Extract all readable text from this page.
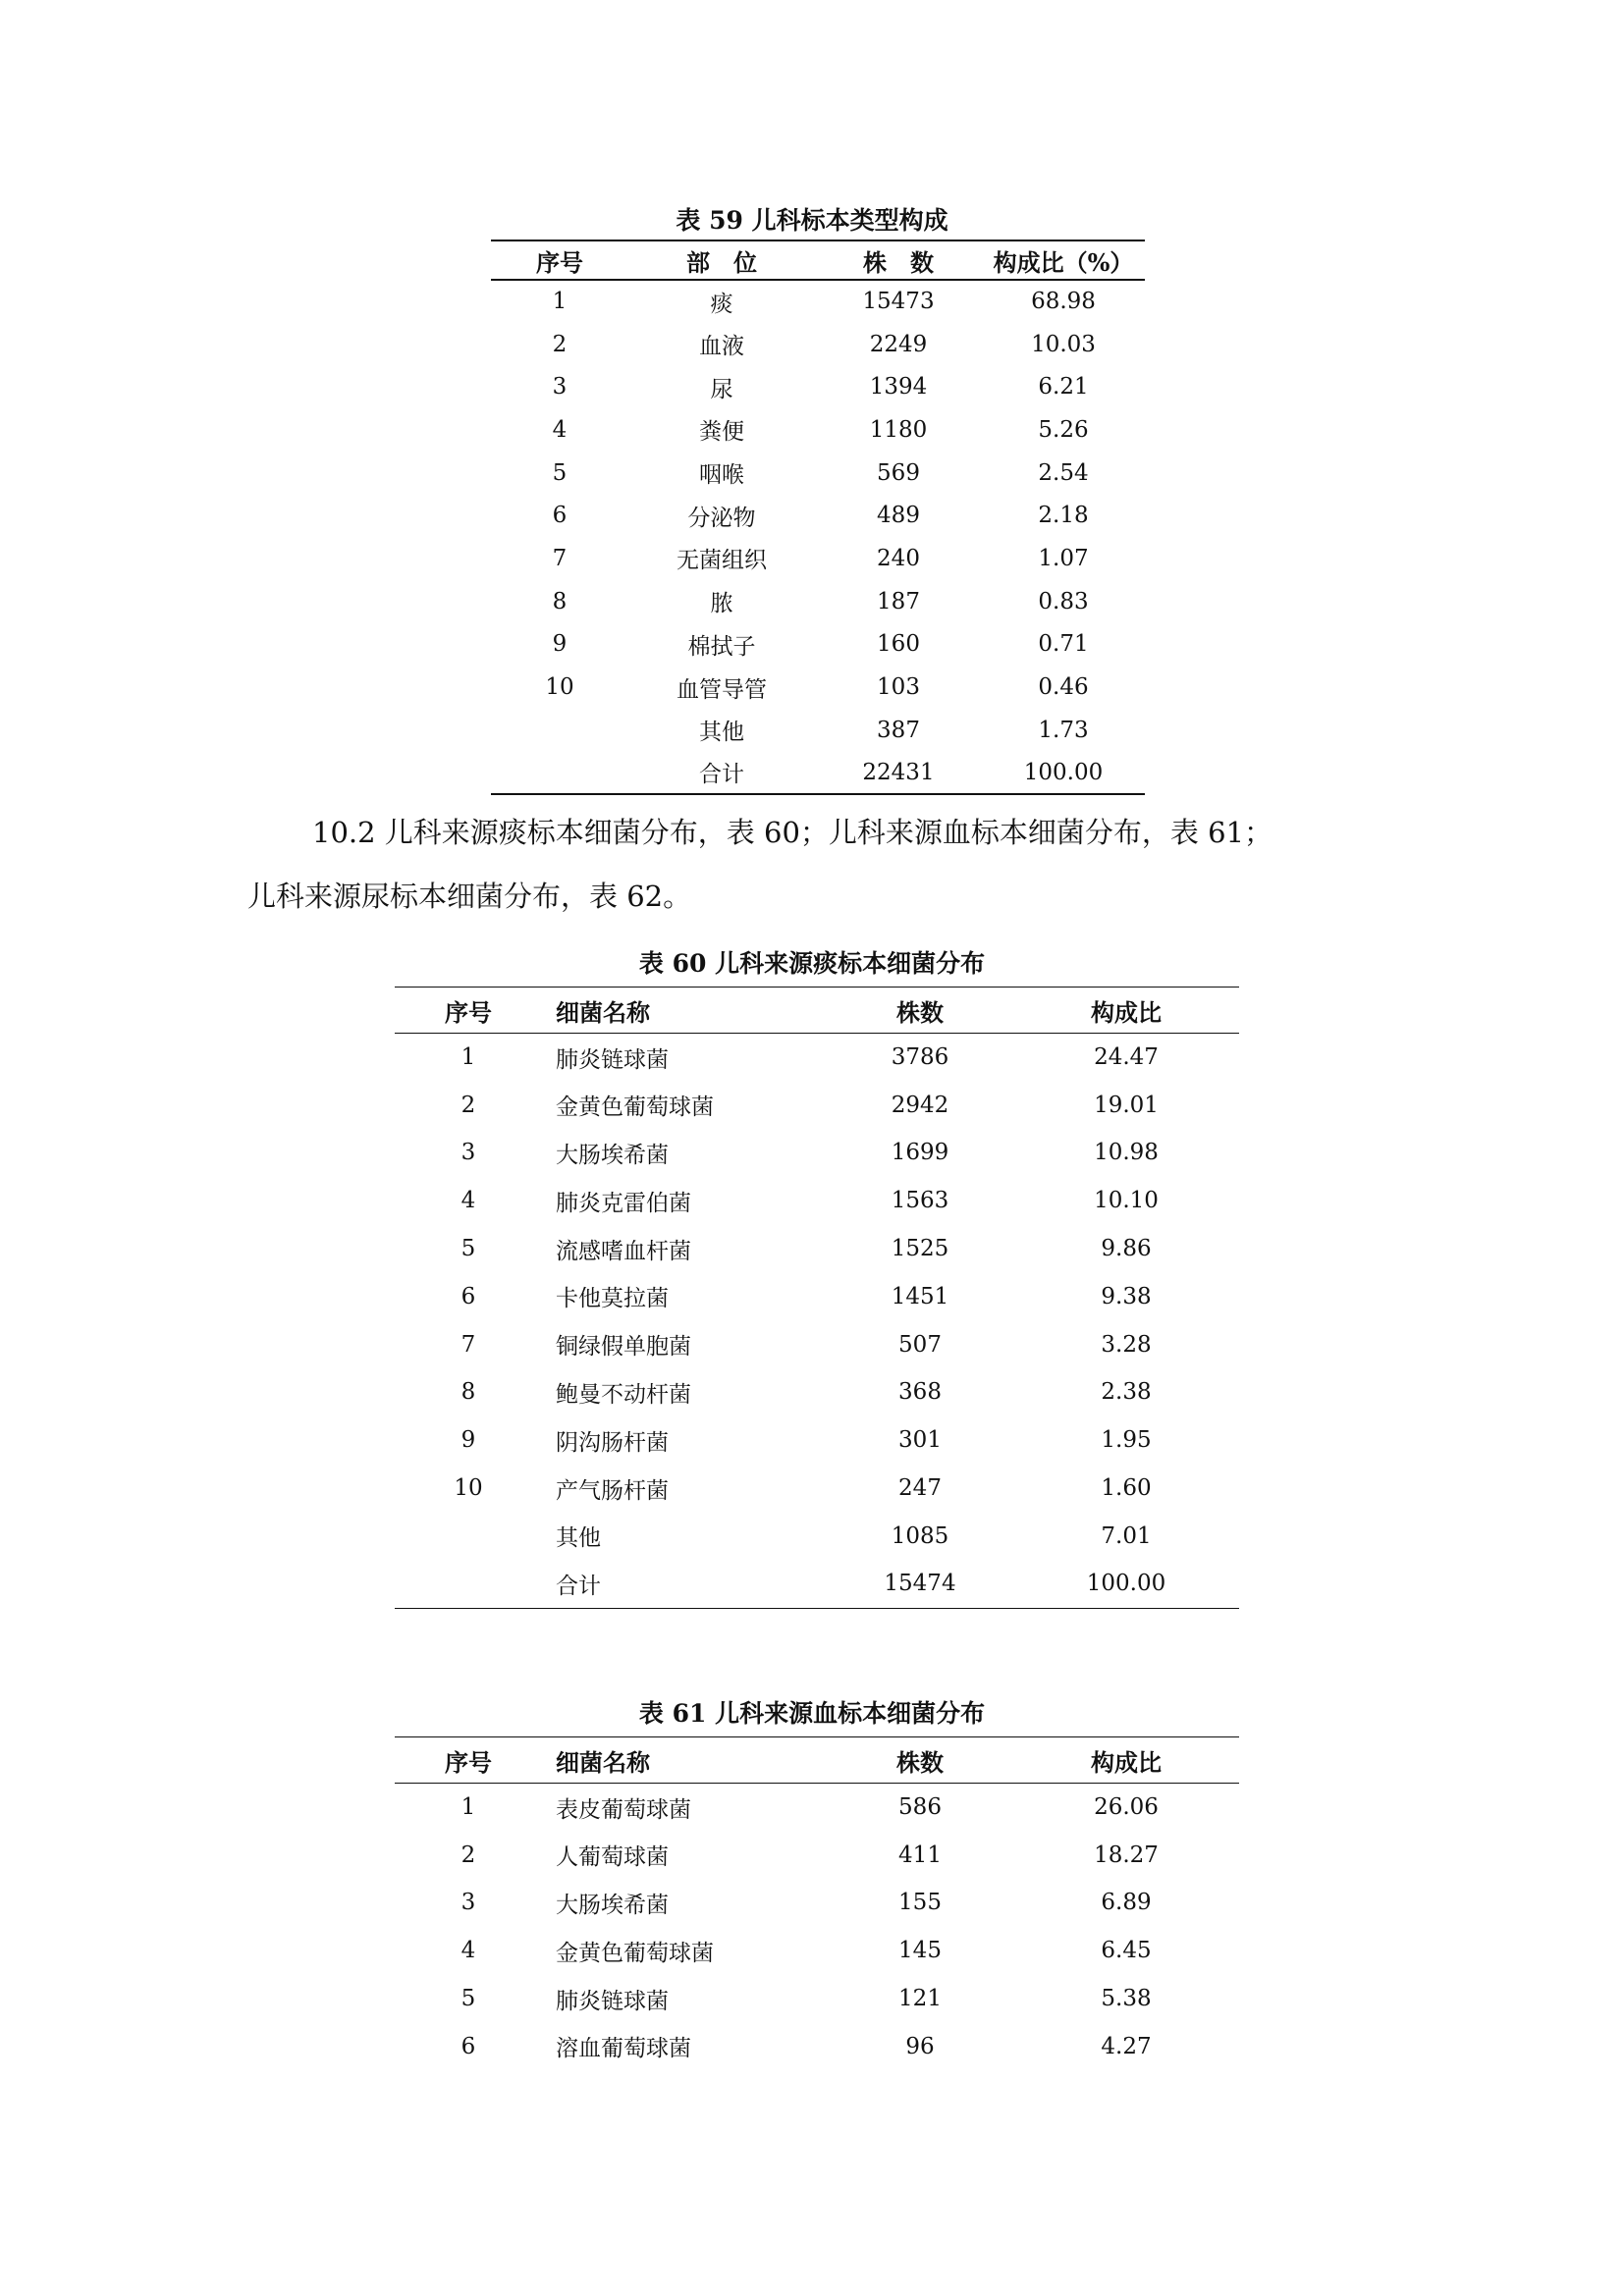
表 59 儿科标本类型构成
序号	部　位	株　数	构成比（%）
1	痰	15473	68.98
2	血液	2249	10.03
3	尿	1394	6.21
4	粪便	1180	5.26
5	咽喉	569	2.54
6	分泌物	489	2.18
7	无菌组织	240	1.07
8	脓	187	0.83
9	棉拭子	160	0.71
10	血管导管	103	0.46
	其他	387	1.73
	合计	22431	100.00
10.2 儿科来源痰标本细菌分布，表 60；儿科来源血标本细菌分布，表 61；
儿科来源尿标本细菌分布，表 62。
表 60 儿科来源痰标本细菌分布
序号	细菌名称	株数	构成比
1	肺炎链球菌	3786	24.47
2	金黄色葡萄球菌	2942	19.01
3	大肠埃希菌	1699	10.98
4	肺炎克雷伯菌	1563	10.10
5	流感嗜血杆菌	1525	9.86
6	卡他莫拉菌	1451	9.38
7	铜绿假单胞菌	507	3.28
8	鲍曼不动杆菌	368	2.38
9	阴沟肠杆菌	301	1.95
10	产气肠杆菌	247	1.60
	其他	1085	7.01
	合计	15474	100.00
表 61 儿科来源血标本细菌分布
序号	细菌名称	株数	构成比
1	表皮葡萄球菌	586	26.06
2	人葡萄球菌	411	18.27
3	大肠埃希菌	155	6.89
4	金黄色葡萄球菌	145	6.45
5	肺炎链球菌	121	5.38
6	溶血葡萄球菌	96	4.27
